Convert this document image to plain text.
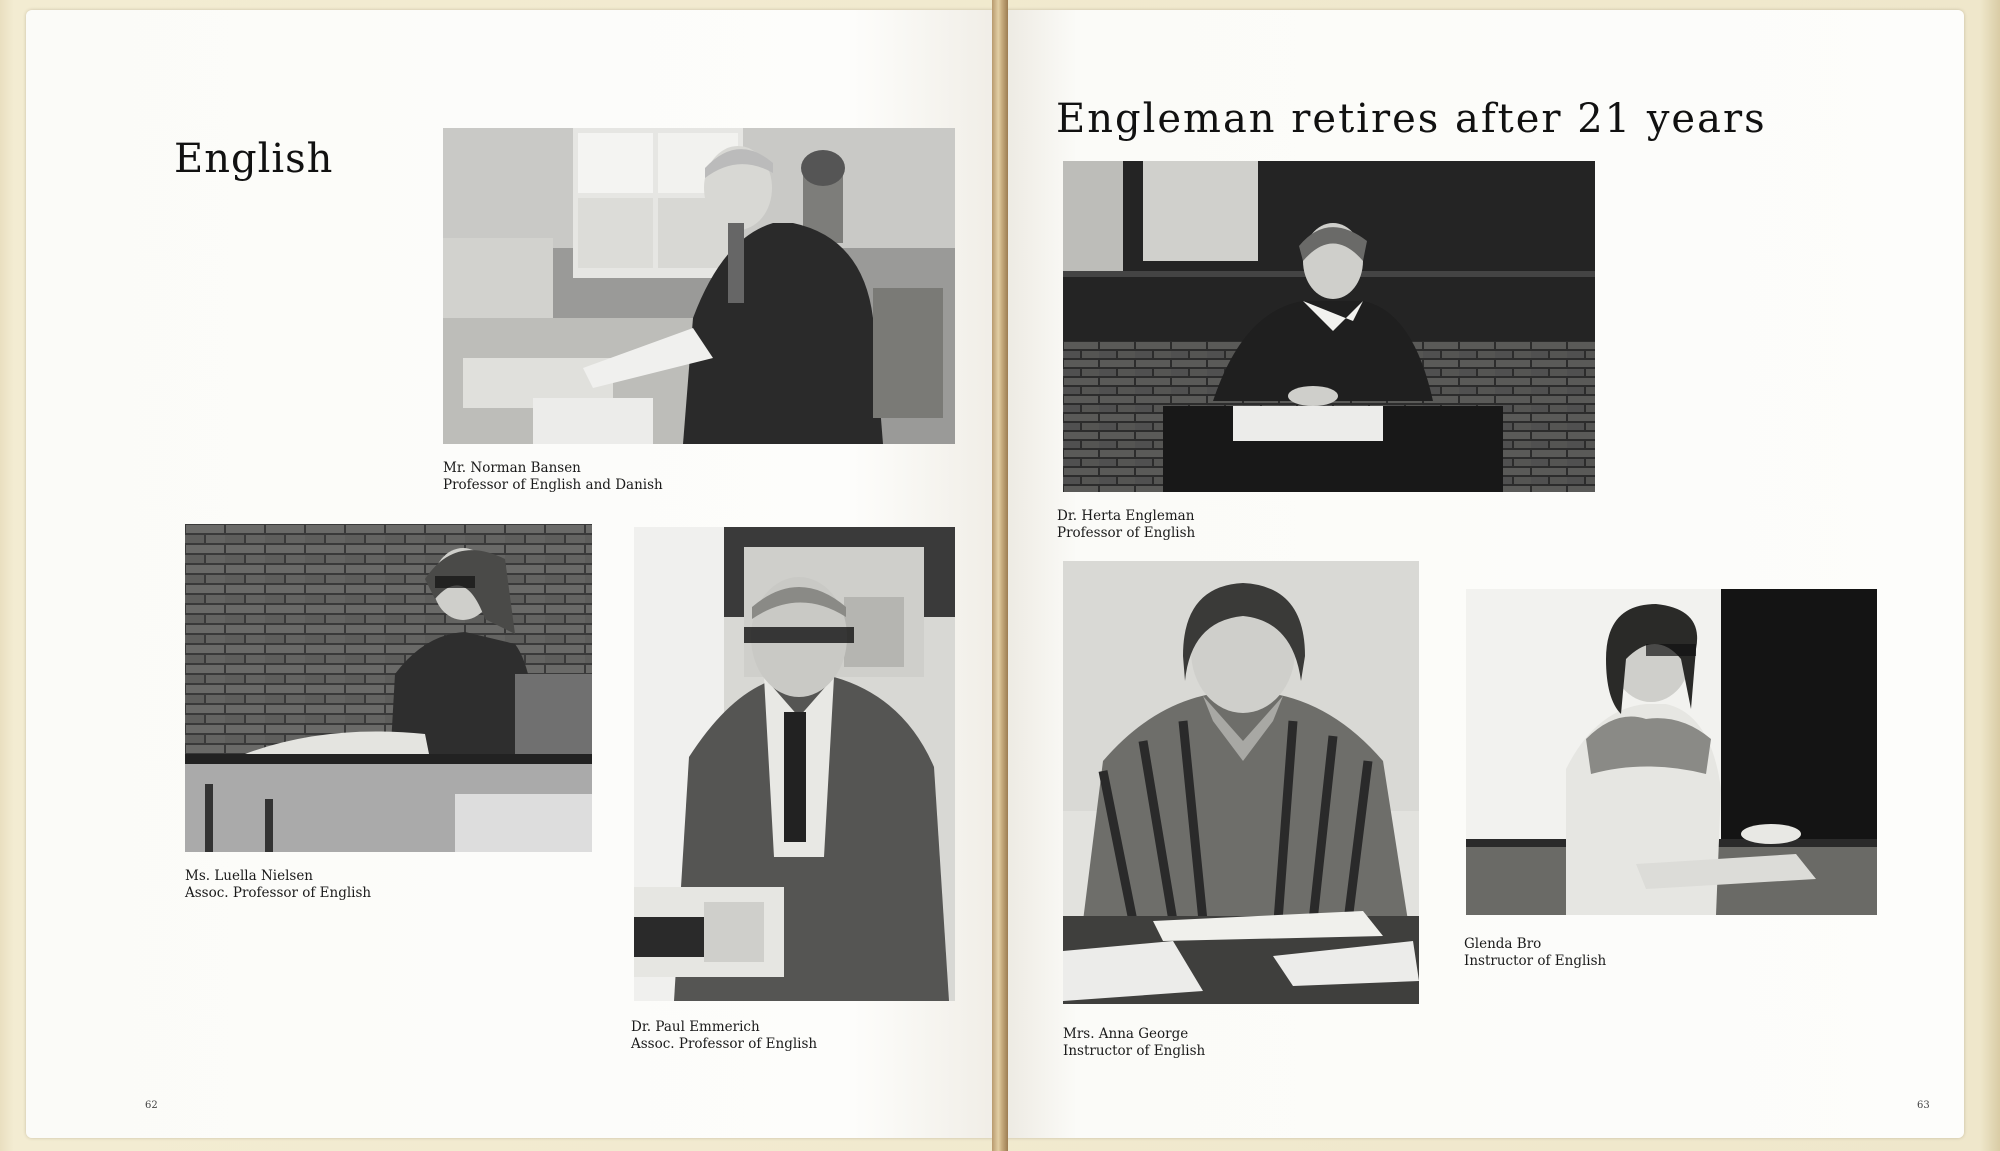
English
Mr. Norman Bansen
Professor of English and Danish
Ms. Luella Nielsen
Assoc. Professor of English
Dr. Paul Emmerich
Assoc. Professor of English
62
Engleman retires after 21 years
Dr. Herta Engleman
Professor of English
Mrs. Anna George
Instructor of English
Glenda Bro
Instructor of English
63
